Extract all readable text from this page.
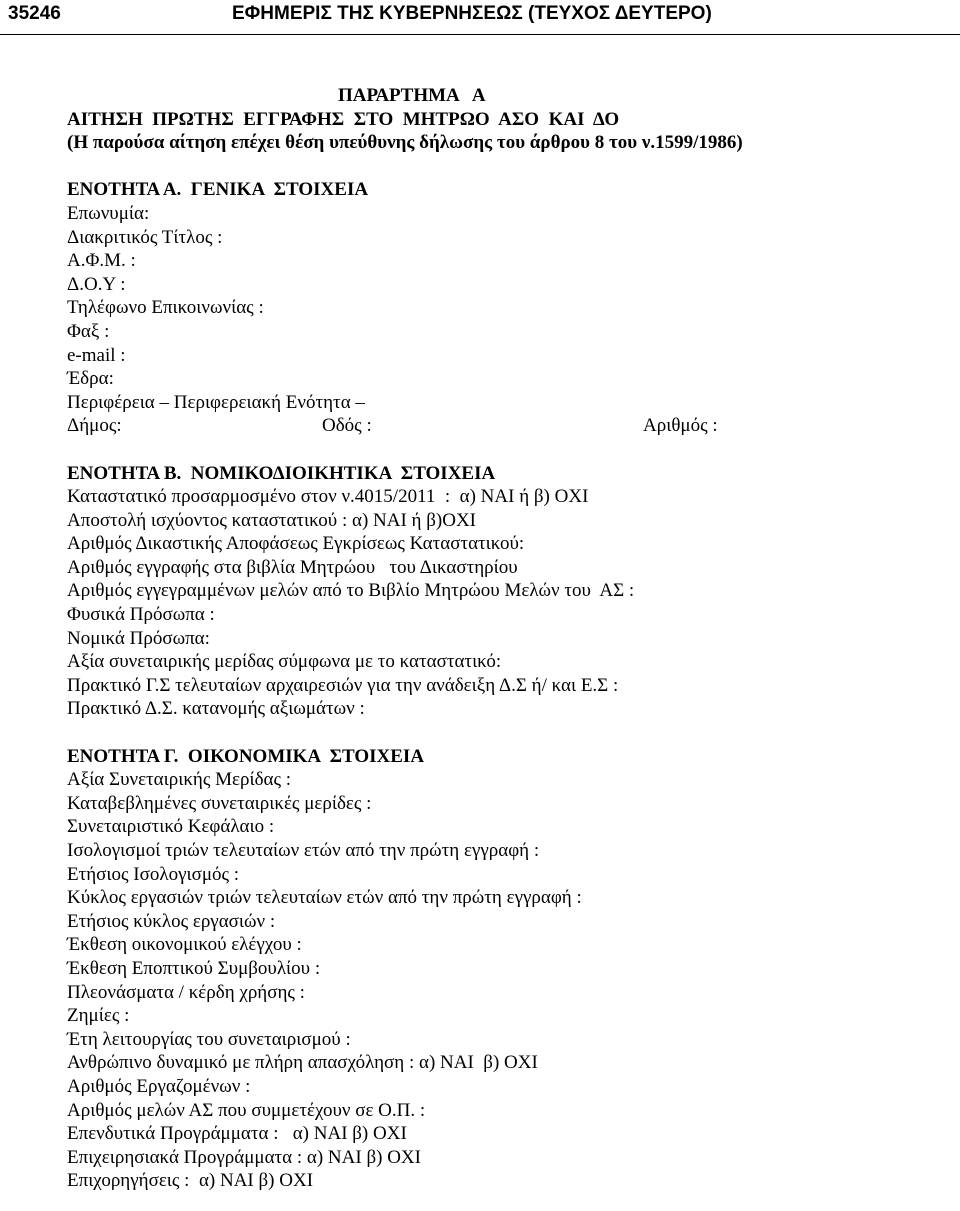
35246	ΕΦΗΜΕΡΙΣ ΤΗΣ ΚΥΒΕΡΝΗΣΕΩΣ (ΤΕΥΧΟΣ ΔΕΥΤΕΡΟ)
ΠΑΡΑΡΤΗΜΑ   Α
ΑΙΤΗΣΗ  ΠΡΩΤΗΣ  ΕΓΓΡΑΦΗΣ  ΣΤΟ  ΜΗΤΡΩΟ  ΑΣΟ  ΚΑΙ  ΔΟ
(Η παρούσα αίτηση επέχει θέση υπεύθυνης δήλωσης του άρθρου 8 του ν.1599/1986)
ΕΝΟΤΗΤΑ Α.  ΓΕΝΙΚΑ  ΣΤΟΙΧΕΙΑ
Επωνυμία:
Διακριτικός Τίτλος :
Α.Φ.Μ. :
Δ.Ο.Υ :
Τηλέφωνο Επικοινωνίας :
Φαξ :
e-mail :
Έδρα:
Περιφέρεια – Περιφερειακή Ενότητα –
Δήμος:	Οδός :	Αριθμός :
ΕΝΟΤΗΤΑ Β.  ΝΟΜΙΚΟΔΙΟΙΚΗΤΙΚΑ  ΣΤΟΙΧΕΙΑ
Καταστατικό προσαρμοσμένο στον ν.4015/2011  :  α) ΝΑΙ ή β) ΟΧΙ
Αποστολή ισχύοντος καταστατικού : α) ΝΑΙ ή β)ΟΧΙ
Αριθμός Δικαστικής Αποφάσεως Εγκρίσεως Καταστατικού:
Αριθμός εγγραφής στα βιβλία Μητρώου   του Δικαστηρίου
Αριθμός εγγεγραμμένων μελών από το Βιβλίο Μητρώου Μελών του  ΑΣ :
Φυσικά Πρόσωπα :
Νομικά Πρόσωπα:
Αξία συνεταιρικής μερίδας σύμφωνα με το καταστατικό:
Πρακτικό Γ.Σ τελευταίων αρχαιρεσιών για την ανάδειξη Δ.Σ ή/ και Ε.Σ :
Πρακτικό Δ.Σ. κατανομής αξιωμάτων :
ΕΝΟΤΗΤΑ Γ.  ΟΙΚΟΝΟΜΙΚΑ  ΣΤΟΙΧΕΙΑ
Αξία Συνεταιρικής Μερίδας :
Καταβεβλημένες συνεταιρικές μερίδες :
Συνεταιριστικό Κεφάλαιο :
Ισολογισμοί τριών τελευταίων ετών από την πρώτη εγγραφή :
Ετήσιος Ισολογισμός :
Κύκλος εργασιών τριών τελευταίων ετών από την πρώτη εγγραφή :
Ετήσιος κύκλος εργασιών :
Έκθεση οικονομικού ελέγχου :
Έκθεση Εποπτικού Συμβουλίου :
Πλεονάσματα / κέρδη χρήσης :
Ζημίες :
Έτη λειτουργίας του συνεταιρισμού :
Ανθρώπινο δυναμικό με πλήρη απασχόληση : α) ΝΑΙ  β) ΟΧΙ
Αριθμός Εργαζομένων :
Αριθμός μελών ΑΣ που συμμετέχουν σε Ο.Π. :
Επενδυτικά Προγράμματα :   α) ΝΑΙ β) ΟΧΙ
Επιχειρησιακά Προγράμματα : α) ΝΑΙ β) ΟΧΙ
Επιχορηγήσεις :  α) ΝΑΙ β) ΟΧΙ
